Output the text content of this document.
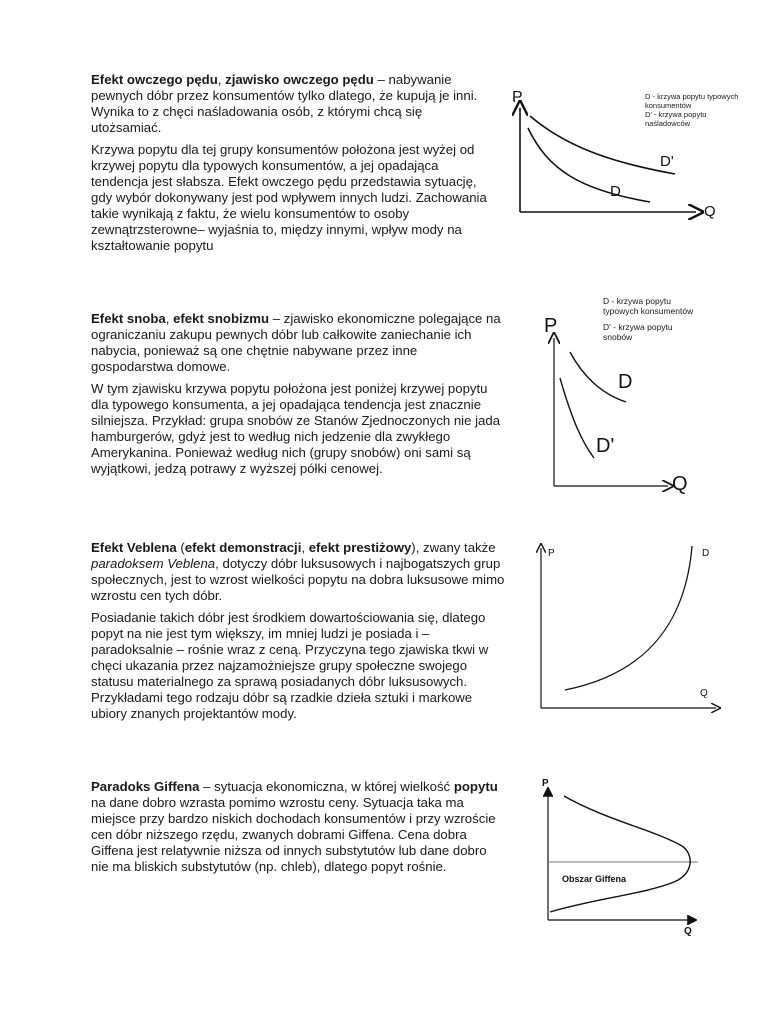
Efekt owczego pędu, zjawisko owczego pędu – nabywanie pewnych dóbr przez konsumentów tylko dlatego, że kupują je inni. Wynika to z chęci naśladowania osób, z którymi chcą się utożsamiać.

Krzywa popytu dla tej grupy konsumentów położona jest wyżej od krzywej popytu dla typowych konsumentów, a jej opadająca tendencja jest słabsza. Efekt owczego pędu przedstawia sytuację, gdy wybór dokonywany jest pod wpływem innych ludzi. Zachowania takie wynikają z faktu, że wielu konsumentów to osoby zewnątrzsterowne– wyjaśnia to, między innymi, wpływ mody na kształtowanie popytu

P
Q
D
D'
D - krzywa popytu typowych konsumentów
D' - krzywa popytu naśladowców

Efekt snoba, efekt snobizmu – zjawisko ekonomiczne polegające na ograniczaniu zakupu pewnych dóbr lub całkowite zaniechanie ich nabycia, ponieważ są one chętnie nabywane przez inne gospodarstwa domowe.

W tym zjawisku krzywa popytu położona jest poniżej krzywej popytu dla typowego konsumenta, a jej opadająca tendencja jest znacznie silniejsza. Przykład: grupa snobów ze Stanów Zjednoczonych nie jada hamburgerów, gdyż jest to według nich jedzenie dla zwykłego Amerykanina. Ponieważ według nich (grupy snobów) oni sami są wyjątkowi, jedzą potrawy z wyższej półki cenowej.

P
Q
D
D'
D - krzywa popytu typowych konsumentów
D' - krzywa popytu snobów

Efekt Veblena (efekt demonstracji, efekt prestiżowy), zwany także paradoksem Veblena, dotyczy dóbr luksusowych i najbogatszych grup społecznych, jest to wzrost wielkości popytu na dobra luksusowe mimo wzrostu cen tych dóbr.

Posiadanie takich dóbr jest środkiem dowartościowania się, dlatego popyt na nie jest tym większy, im mniej ludzi je posiada i – paradoksalnie – rośnie wraz z ceną. Przyczyna tego zjawiska tkwi w chęci ukazania przez najzamożniejsze grupy społeczne swojego statusu materialnego za sprawą posiadanych dóbr luksusowych. Przykładami tego rodzaju dóbr są rzadkie dzieła sztuki i markowe ubiory znanych projektantów mody.

P
Q
D

Paradoks Giffena – sytuacja ekonomiczna, w której wielkość popytu na dane dobro wzrasta pomimo wzrostu ceny. Sytuacja taka ma miejsce przy bardzo niskich dochodach konsumentów i przy wzroście cen dóbr niższego rzędu, zwanych dobrami Giffena. Cena dobra Giffena jest relatywnie niższa od innych substytutów lub dane dobro nie ma bliskich substytutów (np. chleb), dlatego popyt rośnie.

P
Q
Obszar Giffena
